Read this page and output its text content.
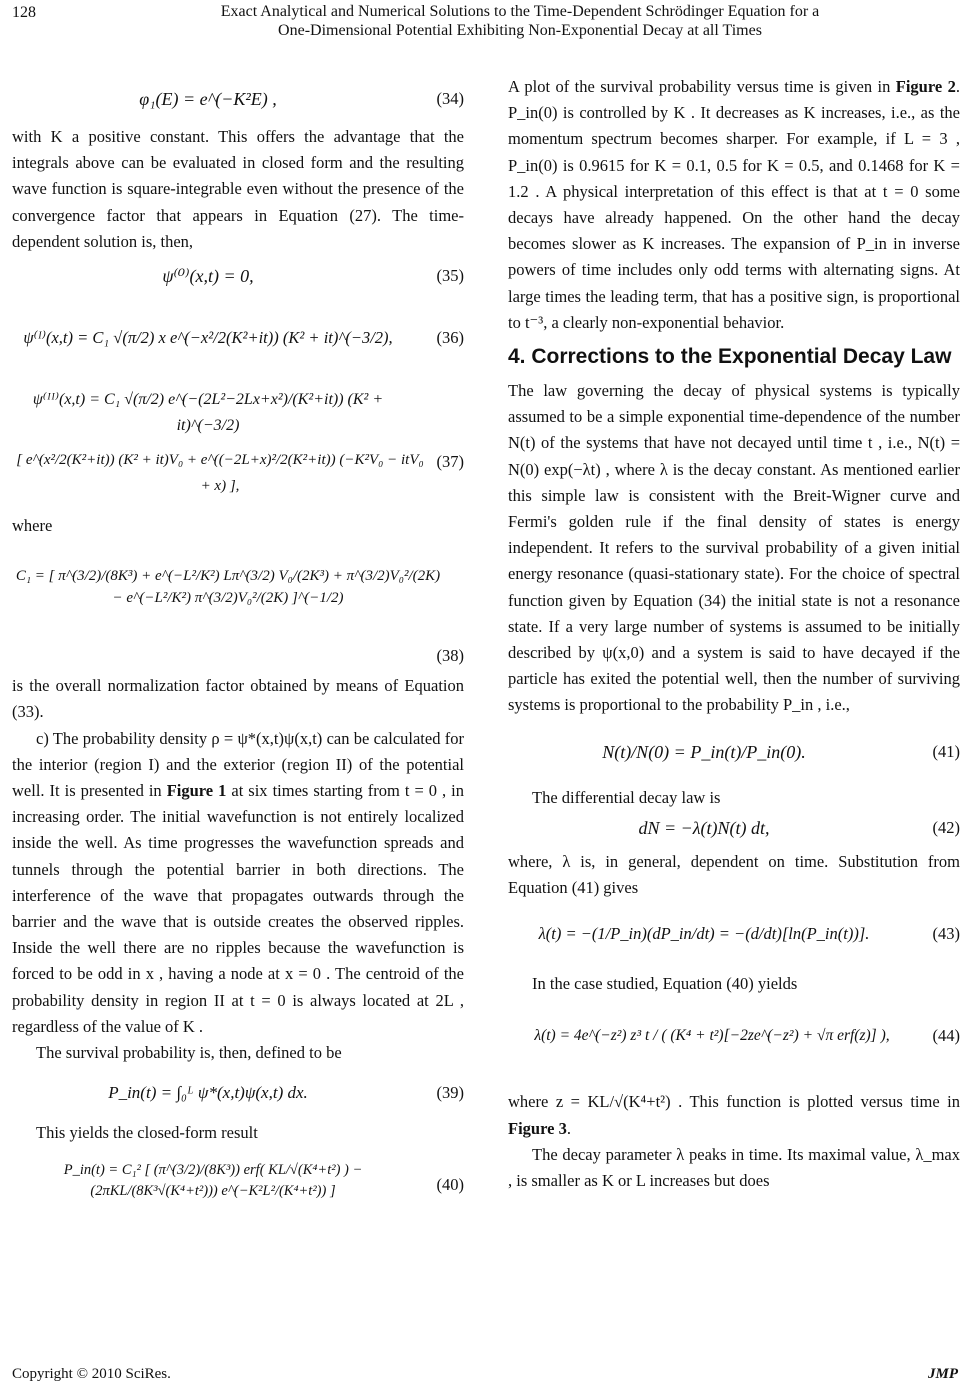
128	Exact Analytical and Numerical Solutions to the Time-Dependent Schrödinger Equation for a
One-Dimensional Potential Exhibiting Non-Exponential Decay at all Times
φ₁(E) = e^(−K²E) ,	(34)

with K a positive constant. This offers the advantage that the integrals above can be evaluated in closed form and the resulting wave function is square-integrable even without the presence of the convergence factor that appears in Equation (27). The time-dependent solution is, then,

ψ⁽⁰⁾(x,t) = 0,	(35)
ψ⁽ᴵ⁾(x,t) = C₁ √(π/2) x e^(−x²/2(K²+it)) (K² + it)^(−3/2),	(36)
ψ⁽ᴵᴵ⁾(x,t) = C₁ √(π/2) e^(−(2L²−2Lx+x²)/(K²+it)) (K² + it)^(−3/2)
[ e^(x²/2(K²+it)) (K² + it)V₀ + e^((−2L+x)²/2(K²+it)) (−K²V₀ − itV₀ + x) ],
(37)

where

C₁ = [ π^(3/2)/(8K³) + e^(−L²/K²) Lπ^(3/2) V₀/(2K³) + π^(3/2)V₀²/(2K) − e^(−L²/K²) π^(3/2)V₀²/(2K) ]^(−1/2)
(38)

is the overall normalization factor obtained by means of Equation (33).

c) The probability density ρ = ψ*(x,t)ψ(x,t) can be calculated for the interior (region I) and the exterior (region II) of the potential well. It is presented in Figure 1 at six times starting from t = 0 , in increasing order. The initial wavefunction is not entirely localized inside the well. As time progresses the wavefunction spreads and tunnels through the potential barrier in both directions. The interference of the wave that propagates outwards through the barrier and the wave that is outside creates the observed ripples. Inside the well there are no ripples because the wavefunction is forced to be odd in x , having a node at x = 0 . The centroid of the probability density in region II at t = 0 is always located at 2L , regardless of the value of K .

The survival probability is, then, defined to be

P_in(t) = ∫₀ᴸ ψ*(x,t)ψ(x,t) dx.	(39)

This yields the closed-form result

P_in(t) = C₁² [ (π^(3/2)/(8K³)) erf( KL/√(K⁴+t²) ) − (2πKL/(8K³√(K⁴+t²))) e^(−K²L²/(K⁴+t²)) ]	(40)

A plot of the survival probability versus time is given in Figure 2. P_in(0) is controlled by K . It decreases as K increases, i.e., as the momentum spectrum becomes sharper. For example, if L = 3 , P_in(0) is 0.9615 for K = 0.1, 0.5 for K = 0.5, and 0.1468 for K = 1.2 . A physical interpretation of this effect is that at t = 0 some decays have already happened. On the other hand the decay becomes slower as K increases. The expansion of P_in in inverse powers of time includes only odd terms with alternating signs. At large times the leading term, that has a positive sign, is proportional to t⁻³, a clearly non-exponential behavior.

4. Corrections to the Exponential Decay Law

The law governing the decay of physical systems is typically assumed to be a simple exponential time-dependence of the number N(t) of the systems that have not decayed until time t , i.e., N(t) = N(0) exp(−λt) , where λ is the decay constant. As mentioned earlier this simple law is consistent with the Breit-Wigner curve and Fermi's golden rule if the final density of states is energy independent. It refers to the survival probability of a given initial energy resonance (quasi-stationary state). For the choice of spectral function given by Equation (34) the initial state is not a resonance state. If a very large number of systems is assumed to be initially described by ψ(x,0) and a system is said to have decayed if the particle has exited the potential well, then the number of surviving systems is proportional to the probability P_in , i.e.,

N(t)/N(0) = P_in(t)/P_in(0).	(41)

The differential decay law is

dN = −λ(t)N(t) dt,	(42)

where, λ is, in general, dependent on time. Substitution from Equation (41) gives

λ(t) = −(1/P_in)(dP_in/dt) = −(d/dt)[ln(P_in(t))].	(43)

In the case studied, Equation (40) yields

λ(t) = 4e^(−z²) z³ t / ( (K⁴ + t²)[−2ze^(−z²) + √π erf(z)] ),	(44)

where z = KL/√(K⁴+t²) . This function is plotted versus time in Figure 3.

The decay parameter λ peaks in time. Its maximal value, λ_max , is smaller as K or L increases but does

Copyright © 2010 SciRes.	JMP
